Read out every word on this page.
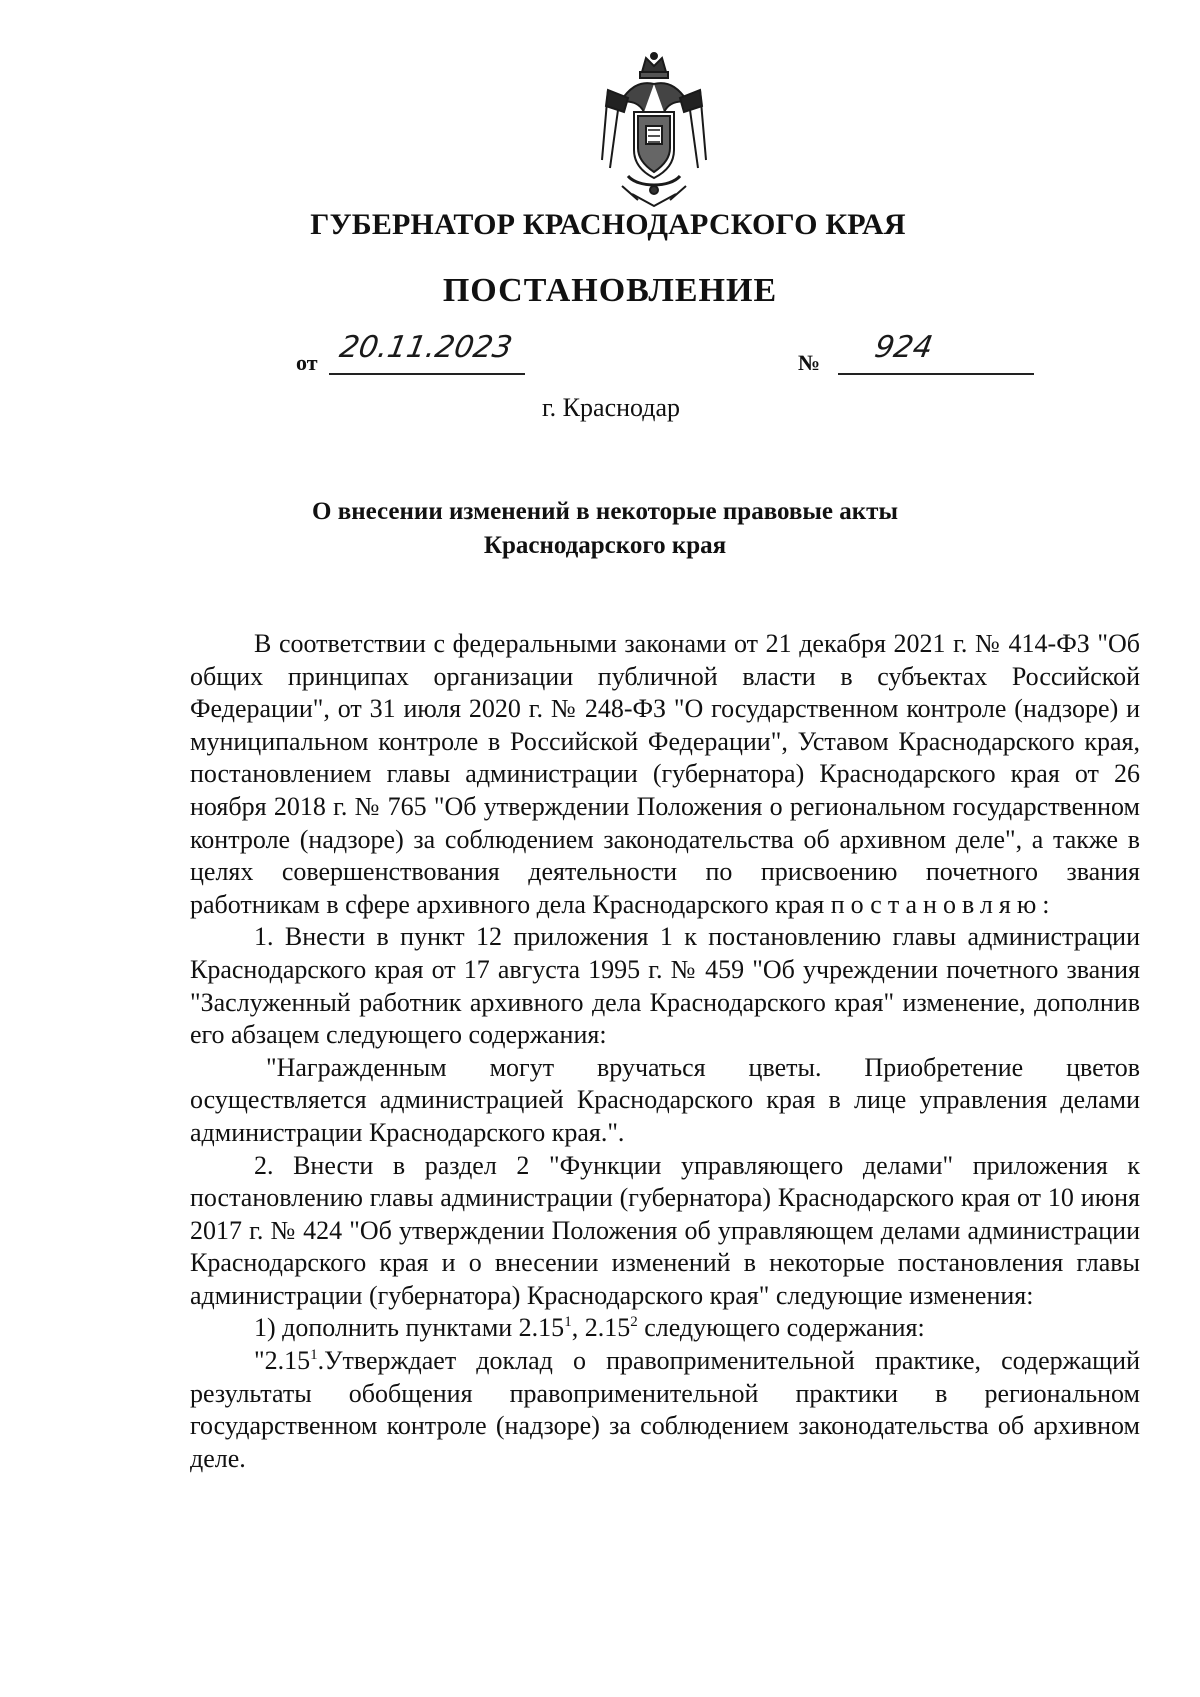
ГУБЕРНАТОР КРАСНОДАРСКОГО КРАЯ
ПОСТАНОВЛЕНИЕ
от 20.11.2023	№ 924
г. Краснодар
О внесении изменений в некоторые правовые акты
Краснодарского края

В соответствии с федеральными законами от 21 декабря 2021 г. № 414-ФЗ "Об общих принципах организации публичной власти в субъектах Российской Федерации", от 31 июля 2020 г. № 248-ФЗ "О государственном контроле (надзоре) и муниципальном контроле в Российской Федерации", Уставом Краснодарского края, постановлением главы администрации (губернатора) Краснодарского края от 26 ноября 2018 г. № 765 "Об утверждении Положения о региональном государственном контроле (надзоре) за соблюдением законодательства об архивном деле", а также в целях совершенствования деятельности по присвоению почетного звания работникам в сфере архивного дела Краснодарского края постановляю:

1. Внести в пункт 12 приложения 1 к постановлению главы администрации Краснодарского края от 17 августа 1995 г. № 459 "Об учреждении почетного звания "Заслуженный работник архивного дела Краснодарского края" изменение, дополнив его абзацем следующего содержания:

"Награжденным могут вручаться цветы. Приобретение цветов осуществляется администрацией Краснодарского края в лице управления делами администрации Краснодарского края.".

2. Внести в раздел 2 "Функции управляющего делами" приложения к постановлению главы администрации (губернатора) Краснодарского края от 10 июня 2017 г. № 424 "Об утверждении Положения об управляющем делами администрации Краснодарского края и о внесении изменений в некоторые постановления главы администрации (губернатора) Краснодарского края" следующие изменения:

1) дополнить пунктами 2.15$^1$, 2.15$^2$ следующего содержания:

"2.15$^1$.Утверждает доклад о правоприменительной практике, содержащий результаты обобщения правоприменительной практики в региональном государственном контроле (надзоре) за соблюдением законодательства об архивном деле.
